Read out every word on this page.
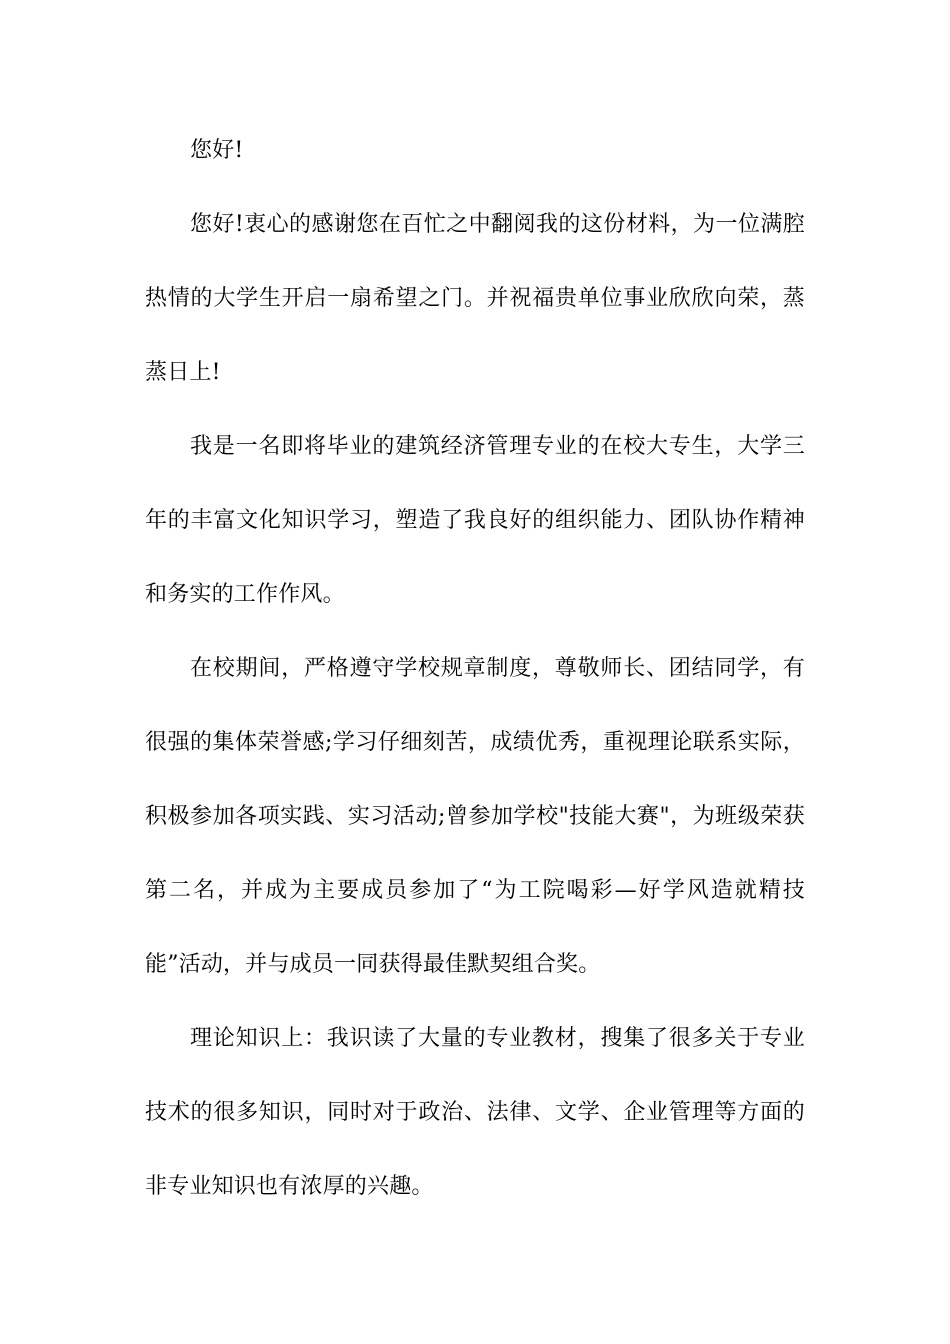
您好!

您好!衷心的感谢您在百忙之中翻阅我的这份材料，为一位满腔热情的大学生开启一扇希望之门。并祝福贵单位事业欣欣向荣，蒸蒸日上!

我是一名即将毕业的建筑经济管理专业的在校大专生，大学三年的丰富文化知识学习，塑造了我良好的组织能力、团队协作精神和务实的工作作风。

在校期间，严格遵守学校规章制度，尊敬师长、团结同学，有很强的集体荣誉感;学习仔细刻苦，成绩优秀，重视理论联系实际，积极参加各项实践、实习活动;曾参加学校"技能大赛"，为班级荣获第二名，并成为主要成员参加了“为工院喝彩—好学风造就精技能”活动，并与成员一同获得最佳默契组合奖。

理论知识上：我识读了大量的专业教材，搜集了很多关于专业技术的很多知识，同时对于政治、法律、文学、企业管理等方面的非专业知识也有浓厚的兴趣。
